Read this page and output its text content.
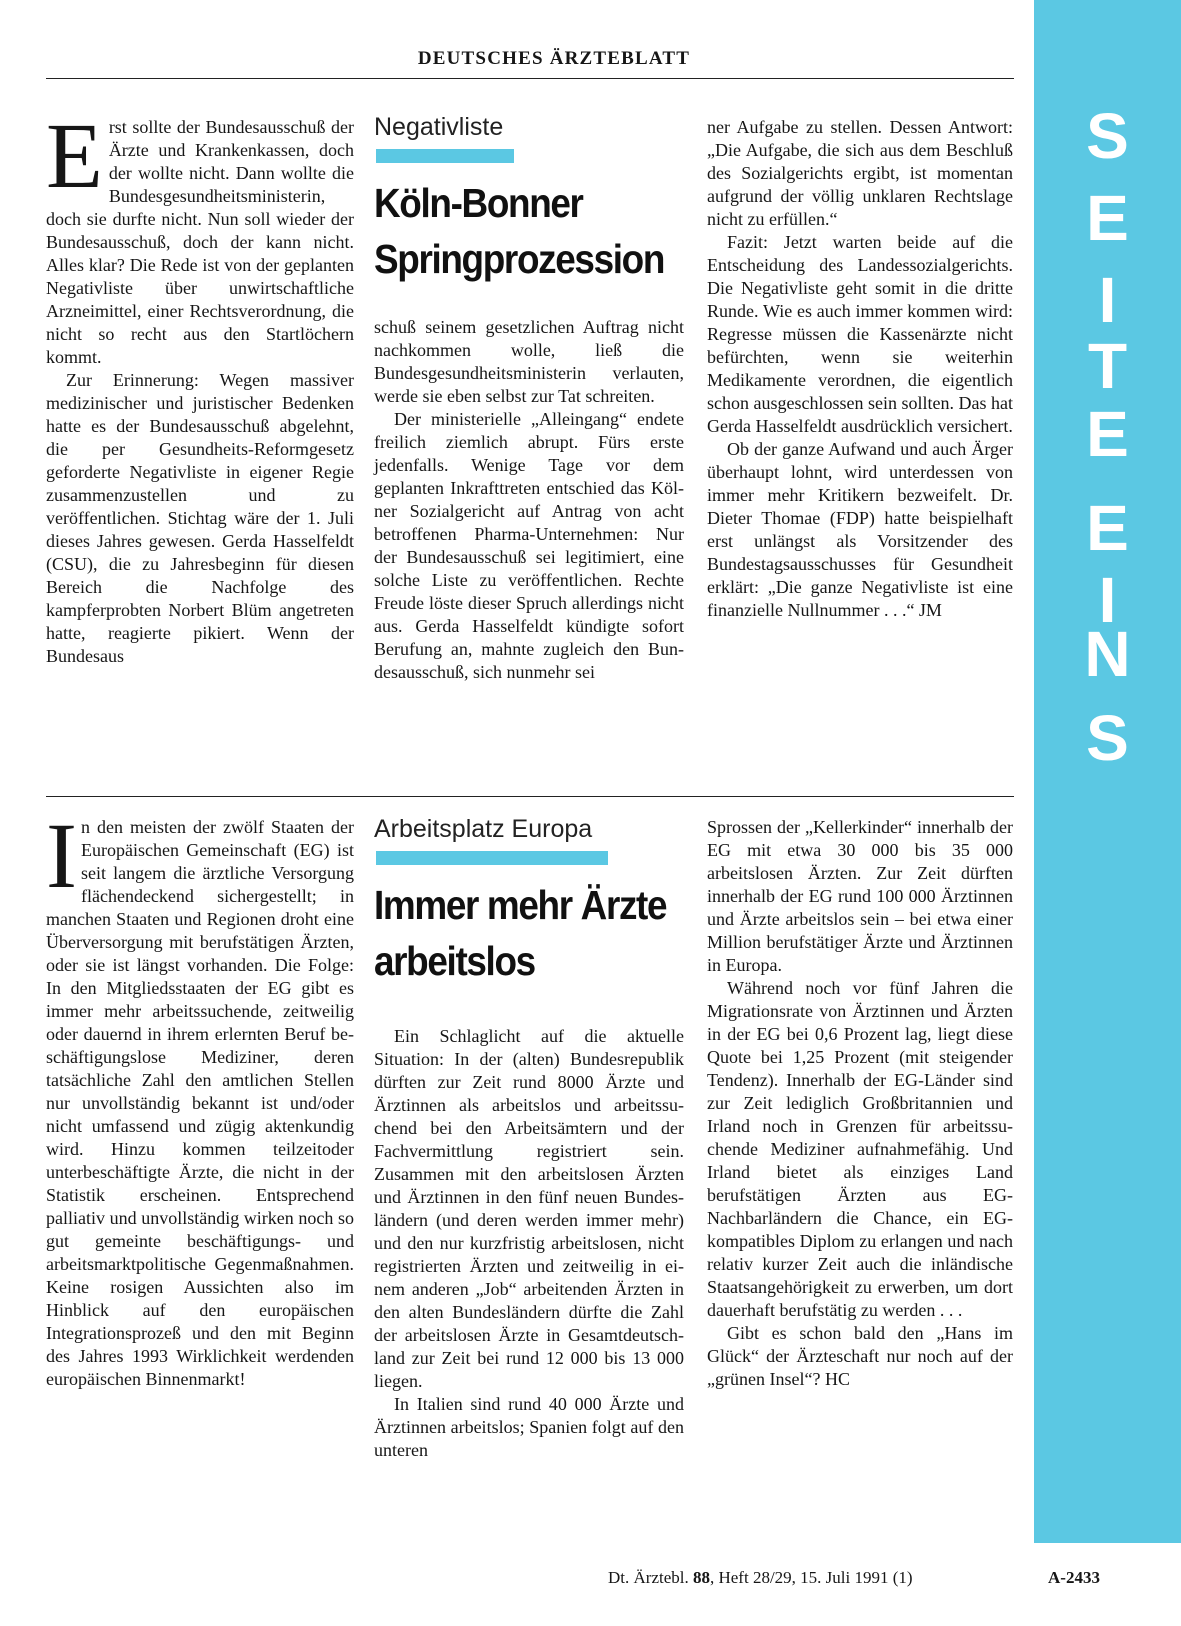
DEUTSCHES ÄRZTEBLATT
S
E
I
T
E
E
I
N
S

E rst sollte der Bundesausschuß der Ärzte und Krankenkassen, doch der wollte nicht. Dann wollte die Bundesgesundheitsministerin, doch sie durfte nicht. Nun soll wieder der Bundesausschuß, doch der kann nicht. Alles klar? Die Rede ist von der geplanten Negativliste über unwirtschaftliche Arzneimittel, einer Rechtsverordnung, die nicht so recht aus den Startlöchern kommt.

Zur Erinnerung: Wegen massiver medizinischer und juristischer Bedenken hatte es der Bundesausschuß abgelehnt, die per Gesundheits-Reformgesetz geforderte Negativliste in eigener Regie zusammenzustellen und zu veröffentlichen. Stichtag wäre der 1. Juli dieses Jahres gewesen. Gerda Hasselfeldt (CSU), die zu Jahresbeginn für diesen Bereich die Nachfolge des kampferprobten Norbert Blüm angetreten hatte, reagierte pikiert. Wenn der Bundesaus

Negativliste
Köln-Bonner
Springprozession

schuß seinem gesetzlichen Auftrag nicht nachkommen wolle, ließ die Bundesgesundheitsministerin verlauten, werde sie eben selbst zur Tat schreiten.

Der ministerielle „Alleingang“ endete freilich ziemlich abrupt. Fürs erste jedenfalls. Wenige Tage vor dem geplanten Inkrafttreten entschied das Kölner Sozialgericht auf Antrag von acht betroffenen Pharma-Unternehmen: Nur der Bundesausschuß sei legitimiert, eine solche Liste zu veröffentlichen. Rechte Freude löste dieser Spruch allerdings nicht aus. Gerda Hasselfeldt kündigte sofort Berufung an, mahnte zugleich den Bundesausschuß, sich nunmehr sei

ner Aufgabe zu stellen. Dessen Antwort: „Die Aufgabe, die sich aus dem Beschluß des Sozialgerichts ergibt, ist momentan aufgrund der völlig unklaren Rechtslage nicht zu erfüllen.“

Fazit: Jetzt warten beide auf die Entscheidung des Landessozialgerichts. Die Negativliste geht somit in die dritte Runde. Wie es auch immer kommen wird: Regresse müssen die Kassenärzte nicht befürchten, wenn sie weiterhin Medikamente verordnen, die eigentlich schon ausgeschlossen sein sollten. Das hat Gerda Hasselfeldt ausdrücklich versichert.

Ob der ganze Aufwand und auch Ärger überhaupt lohnt, wird unterdessen von immer mehr Kritikern bezweifelt. Dr. Dieter Thomae (FDP) hatte beispielhaft erst unlängst als Vorsitzender des Bundestagsausschusses für Gesundheit erklärt: „Die ganze Negativliste ist eine finanzielle Nullnummer . . .“ JM

I n den meisten der zwölf Staaten der Europäischen Gemeinschaft (EG) ist seit langem die ärztliche Versorgung flächendeckend sichergestellt; in manchen Staaten und Regionen droht eine Überversorgung mit berufstätigen Ärzten, oder sie ist längst vorhanden. Die Folge: In den Mitgliedsstaaten der EG gibt es immer mehr arbeitssuchende, zeitweilig oder dauernd in ihrem erlernten Beruf beschäftigungslose Mediziner, deren tatsächliche Zahl den amtlichen Stellen nur unvollständig bekannt ist und/oder nicht umfassend und zügig aktenkundig wird. Hinzu kommen teilzeitoder unterbeschäftigte Ärzte, die nicht in der Statistik erscheinen. Entsprechend palliativ und unvollständig wirken noch so gut gemeinte beschäftigungs- und arbeitsmarktpolitische Gegenmaßnahmen. Keine rosigen Aussichten also im Hinblick auf den europäischen Integrationsprozeß und den mit Beginn des Jahres 1993 Wirklichkeit werdenden europäischen Binnenmarkt!

Arbeitsplatz Europa
Immer mehr Ärzte
arbeitslos

Ein Schlaglicht auf die aktuelle Situation: In der (alten) Bundesrepublik dürften zur Zeit rund 8000 Ärzte und Ärztinnen als arbeitslos und arbeitssuchend bei den Arbeitsämtern und der Fachvermittlung registriert sein. Zusammen mit den arbeitslosen Ärzten und Ärztinnen in den fünf neuen Bundesländern (und deren werden immer mehr) und den nur kurzfristig arbeitslosen, nicht registrierten Ärzten und zeitweilig in einem anderen „Job“ arbeitenden Ärzten in den alten Bundesländern dürfte die Zahl der arbeitslosen Ärzte in Gesamtdeutschland zur Zeit bei rund 12 000 bis 13 000 liegen.

In Italien sind rund 40 000 Ärzte und Ärztinnen arbeitslos; Spanien folgt auf den unteren

Sprossen der „Kellerkinder“ innerhalb der EG mit etwa 30 000 bis 35 000 arbeitslosen Ärzten. Zur Zeit dürften innerhalb der EG rund 100 000 Ärztinnen und Ärzte arbeitslos sein – bei etwa einer Million berufstätiger Ärzte und Ärztinnen in Europa.

Während noch vor fünf Jahren die Migrationsrate von Ärztinnen und Ärzten in der EG bei 0,6 Prozent lag, liegt diese Quote bei 1,25 Prozent (mit steigender Tendenz). Innerhalb der EG-Länder sind zur Zeit lediglich Großbritannien und Irland noch in Grenzen für arbeitssuchende Mediziner aufnahmefähig. Und Irland bietet als einziges Land berufstätigen Ärzten aus EG-Nachbarländern die Chance, ein EG-kompatibles Diplom zu erlangen und nach relativ kurzer Zeit auch die inländische Staatsangehörigkeit zu erwerben, um dort dauerhaft berufstätig zu werden . . .

Gibt es schon bald den „Hans im Glück“ der Ärzteschaft nur noch auf der „grünen Insel“? HC

Dt. Ärztebl. 88, Heft 28/29, 15. Juli 1991 (1)	A-2433
